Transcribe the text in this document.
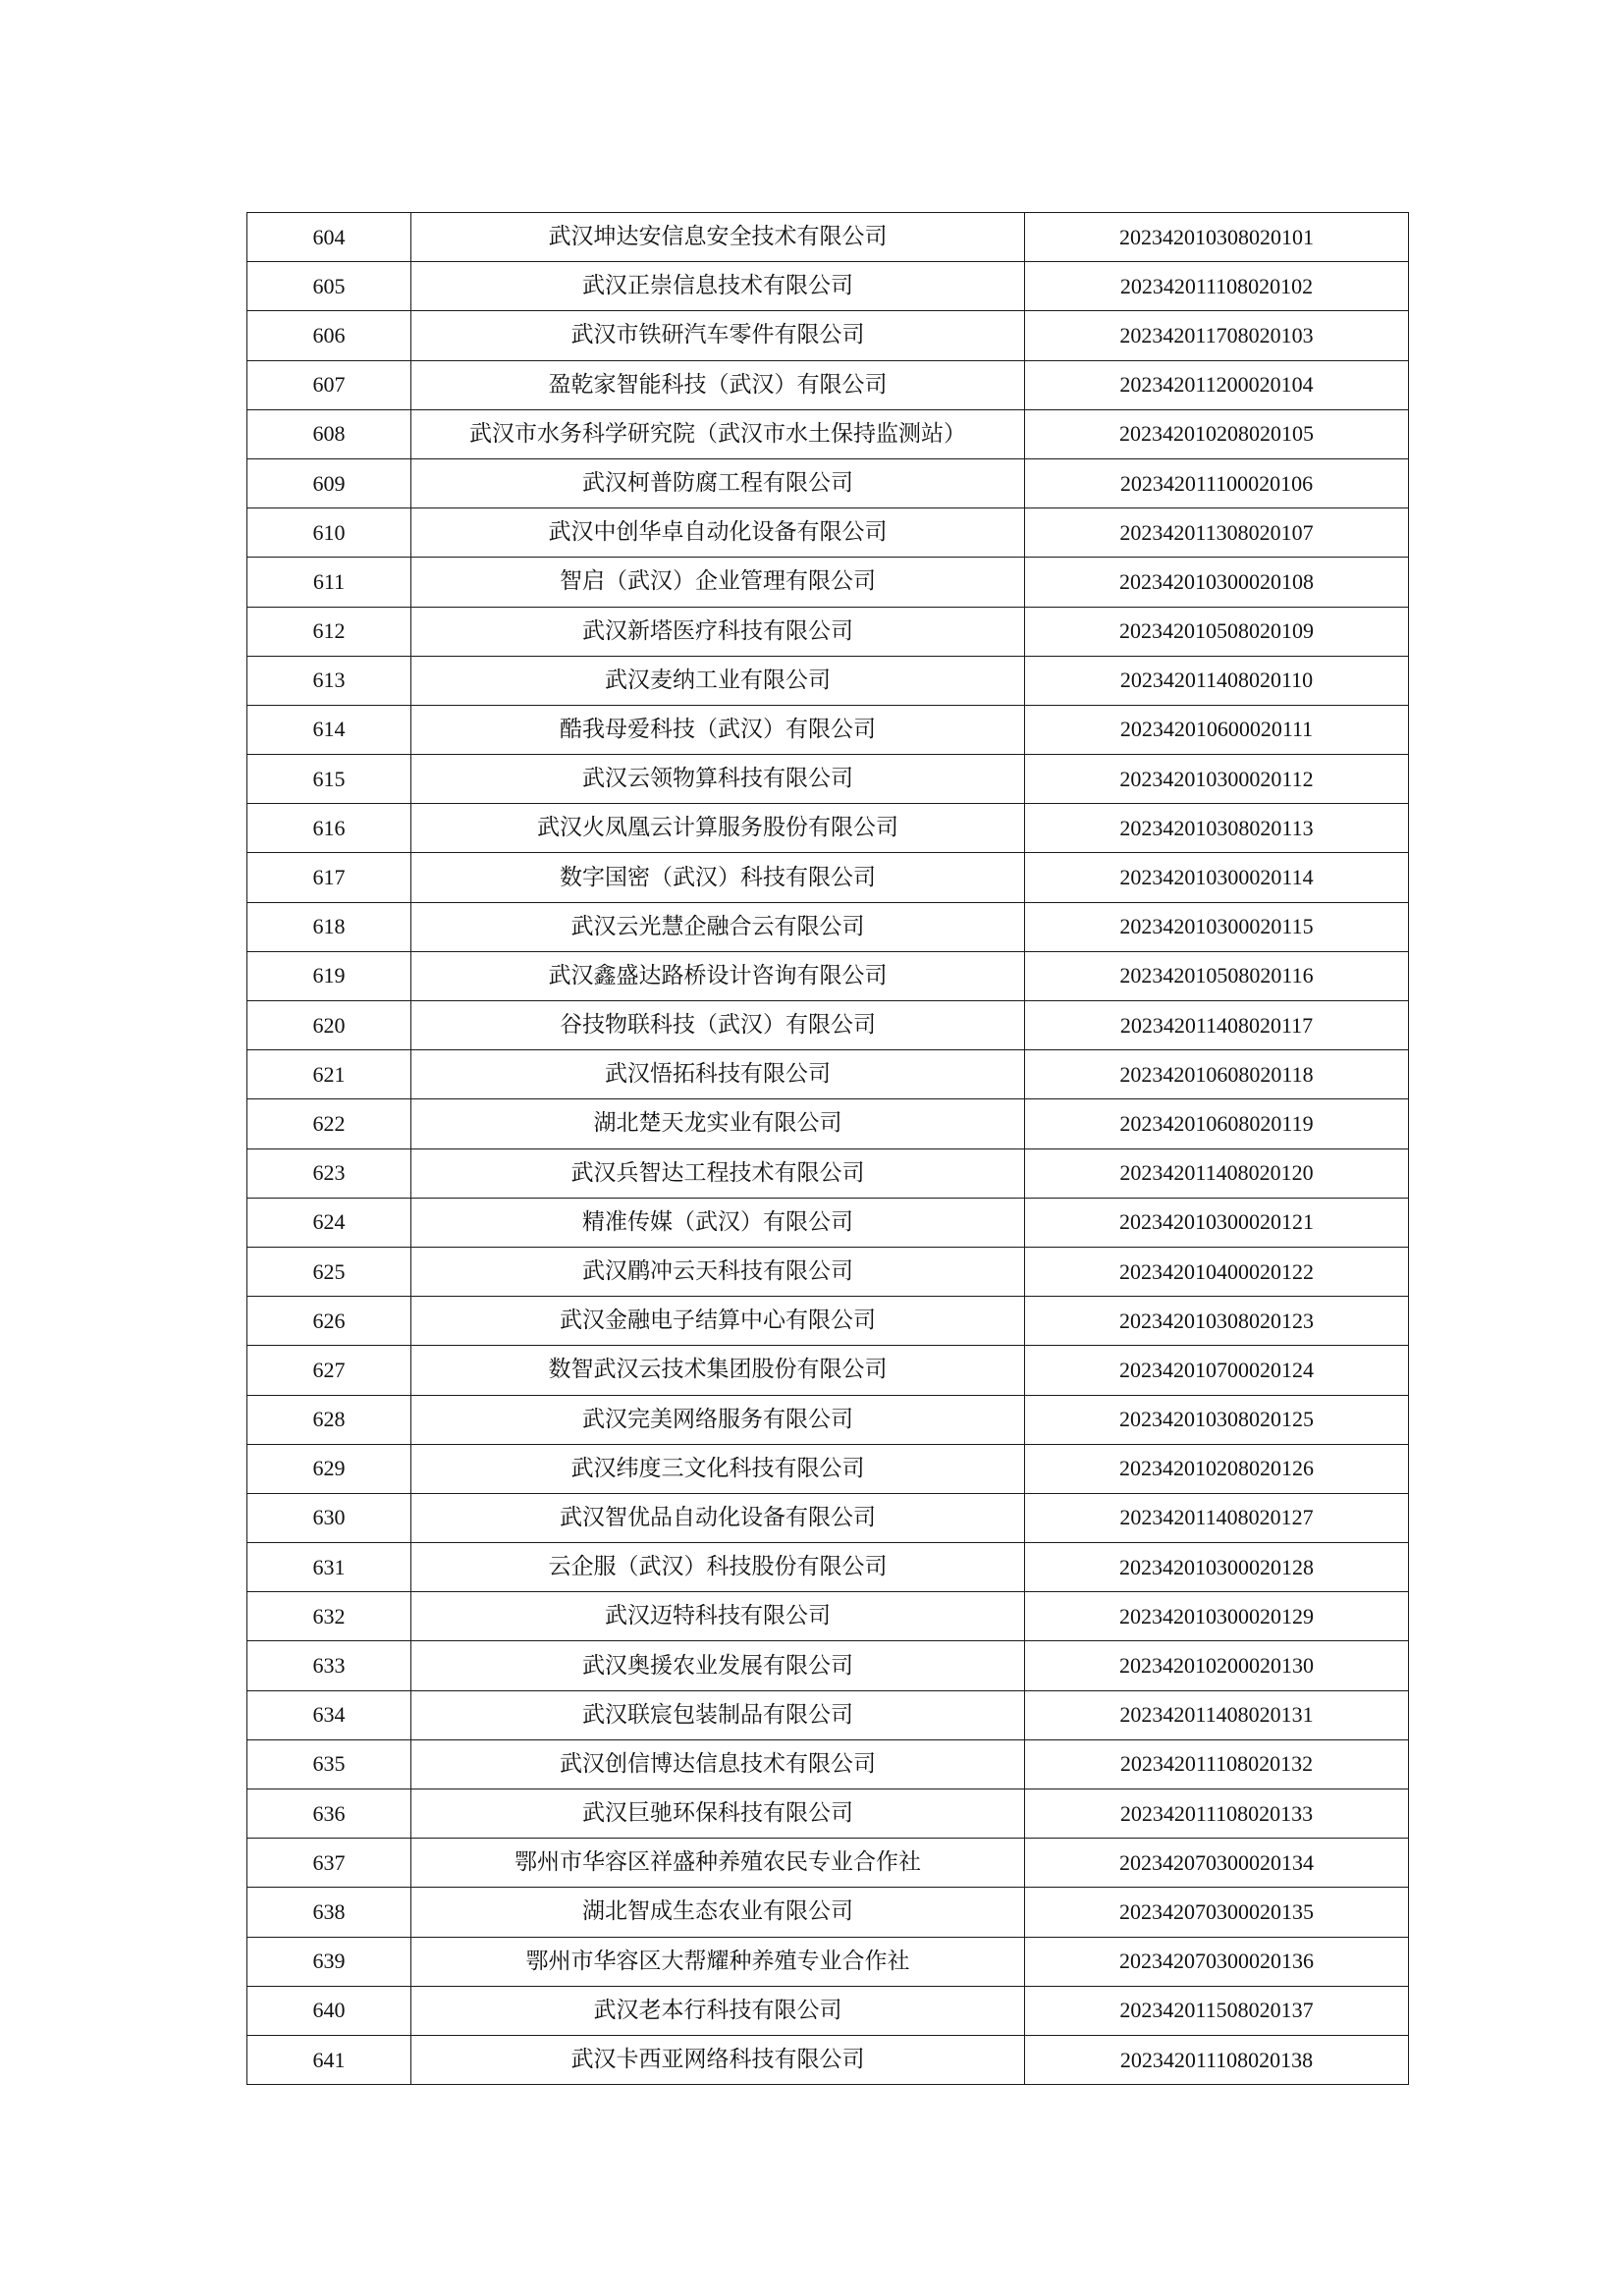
604	武汉坤达安信息安全技术有限公司	202342010308020101
605	武汉正崇信息技术有限公司	202342011108020102
606	武汉市铁研汽车零件有限公司	202342011708020103
607	盈乾家智能科技（武汉）有限公司	202342011200020104
608	武汉市水务科学研究院（武汉市水土保持监测站）	202342010208020105
609	武汉柯普防腐工程有限公司	202342011100020106
610	武汉中创华卓自动化设备有限公司	202342011308020107
611	智启（武汉）企业管理有限公司	202342010300020108
612	武汉新塔医疗科技有限公司	202342010508020109
613	武汉麦纳工业有限公司	202342011408020110
614	酷我母爱科技（武汉）有限公司	202342010600020111
615	武汉云领物算科技有限公司	202342010300020112
616	武汉火凤凰云计算服务股份有限公司	202342010308020113
617	数字国密（武汉）科技有限公司	202342010300020114
618	武汉云光慧企融合云有限公司	202342010300020115
619	武汉鑫盛达路桥设计咨询有限公司	202342010508020116
620	谷技物联科技（武汉）有限公司	202342011408020117
621	武汉悟拓科技有限公司	202342010608020118
622	湖北楚天龙实业有限公司	202342010608020119
623	武汉兵智达工程技术有限公司	202342011408020120
624	精准传媒（武汉）有限公司	202342010300020121
625	武汉鹛冲云天科技有限公司	202342010400020122
626	武汉金融电子结算中心有限公司	202342010308020123
627	数智武汉云技术集团股份有限公司	202342010700020124
628	武汉完美网络服务有限公司	202342010308020125
629	武汉纬度三文化科技有限公司	202342010208020126
630	武汉智优品自动化设备有限公司	202342011408020127
631	云企服（武汉）科技股份有限公司	202342010300020128
632	武汉迈特科技有限公司	202342010300020129
633	武汉奥援农业发展有限公司	202342010200020130
634	武汉联宸包装制品有限公司	202342011408020131
635	武汉创信博达信息技术有限公司	202342011108020132
636	武汉巨驰环保科技有限公司	202342011108020133
637	鄂州市华容区祥盛种养殖农民专业合作社	202342070300020134
638	湖北智成生态农业有限公司	202342070300020135
639	鄂州市华容区大帮耀种养殖专业合作社	202342070300020136
640	武汉老本行科技有限公司	202342011508020137
641	武汉卡西亚网络科技有限公司	202342011108020138
